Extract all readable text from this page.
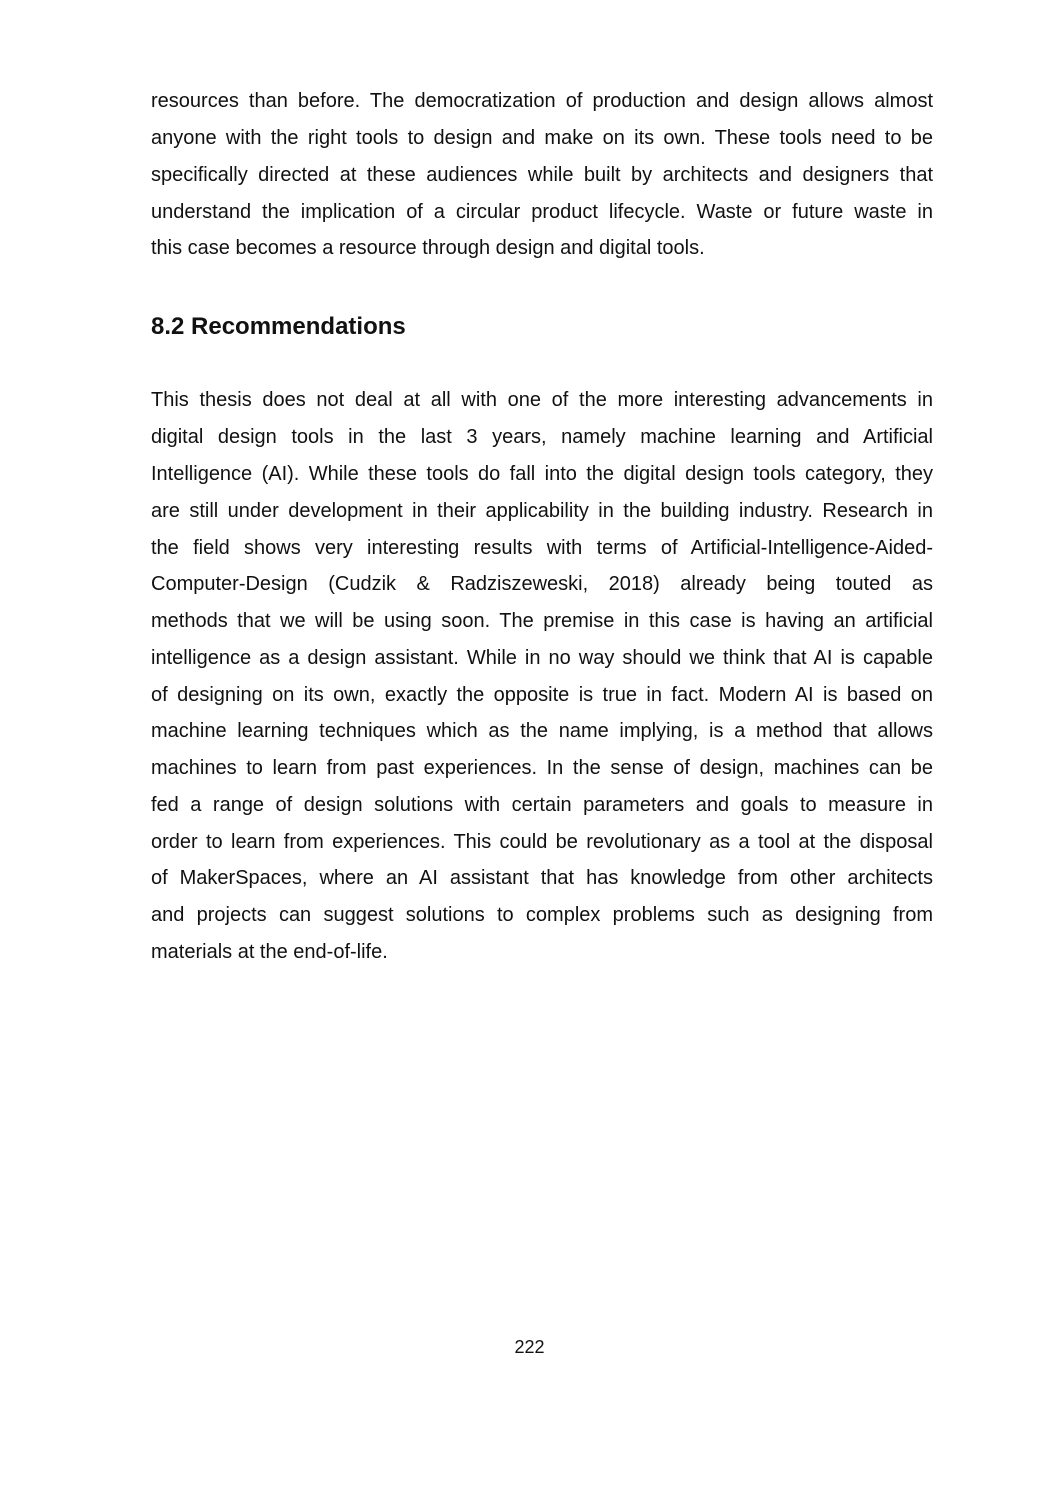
resources than before. The democratization of production and design allows almost
anyone with the right tools to design and make on its own. These tools need to be
specifically directed at these audiences while built by architects and designers that
understand the implication of a circular product lifecycle. Waste or future waste in
this case becomes a resource through design and digital tools.
8.2 Recommendations
This thesis does not deal at all with one of the more interesting advancements in
digital design tools in the last 3 years, namely machine learning and Artificial
Intelligence (AI). While these tools do fall into the digital design tools category, they
are still under development in their applicability in the building industry. Research in
the field shows very interesting results with terms of Artificial-Intelligence-Aided-
Computer-Design (Cudzik & Radziszeweski, 2018) already being touted as
methods that we will be using soon. The premise in this case is having an artificial
intelligence as a design assistant. While in no way should we think that AI is capable
of designing on its own, exactly the opposite is true in fact. Modern AI is based on
machine learning techniques which as the name implying, is a method that allows
machines to learn from past experiences. In the sense of design, machines can be
fed a range of design solutions with certain parameters and goals to measure in
order to learn from experiences. This could be revolutionary as a tool at the disposal
of MakerSpaces, where an AI assistant that has knowledge from other architects
and projects can suggest solutions to complex problems such as designing from
materials at the end-of-life.
222
